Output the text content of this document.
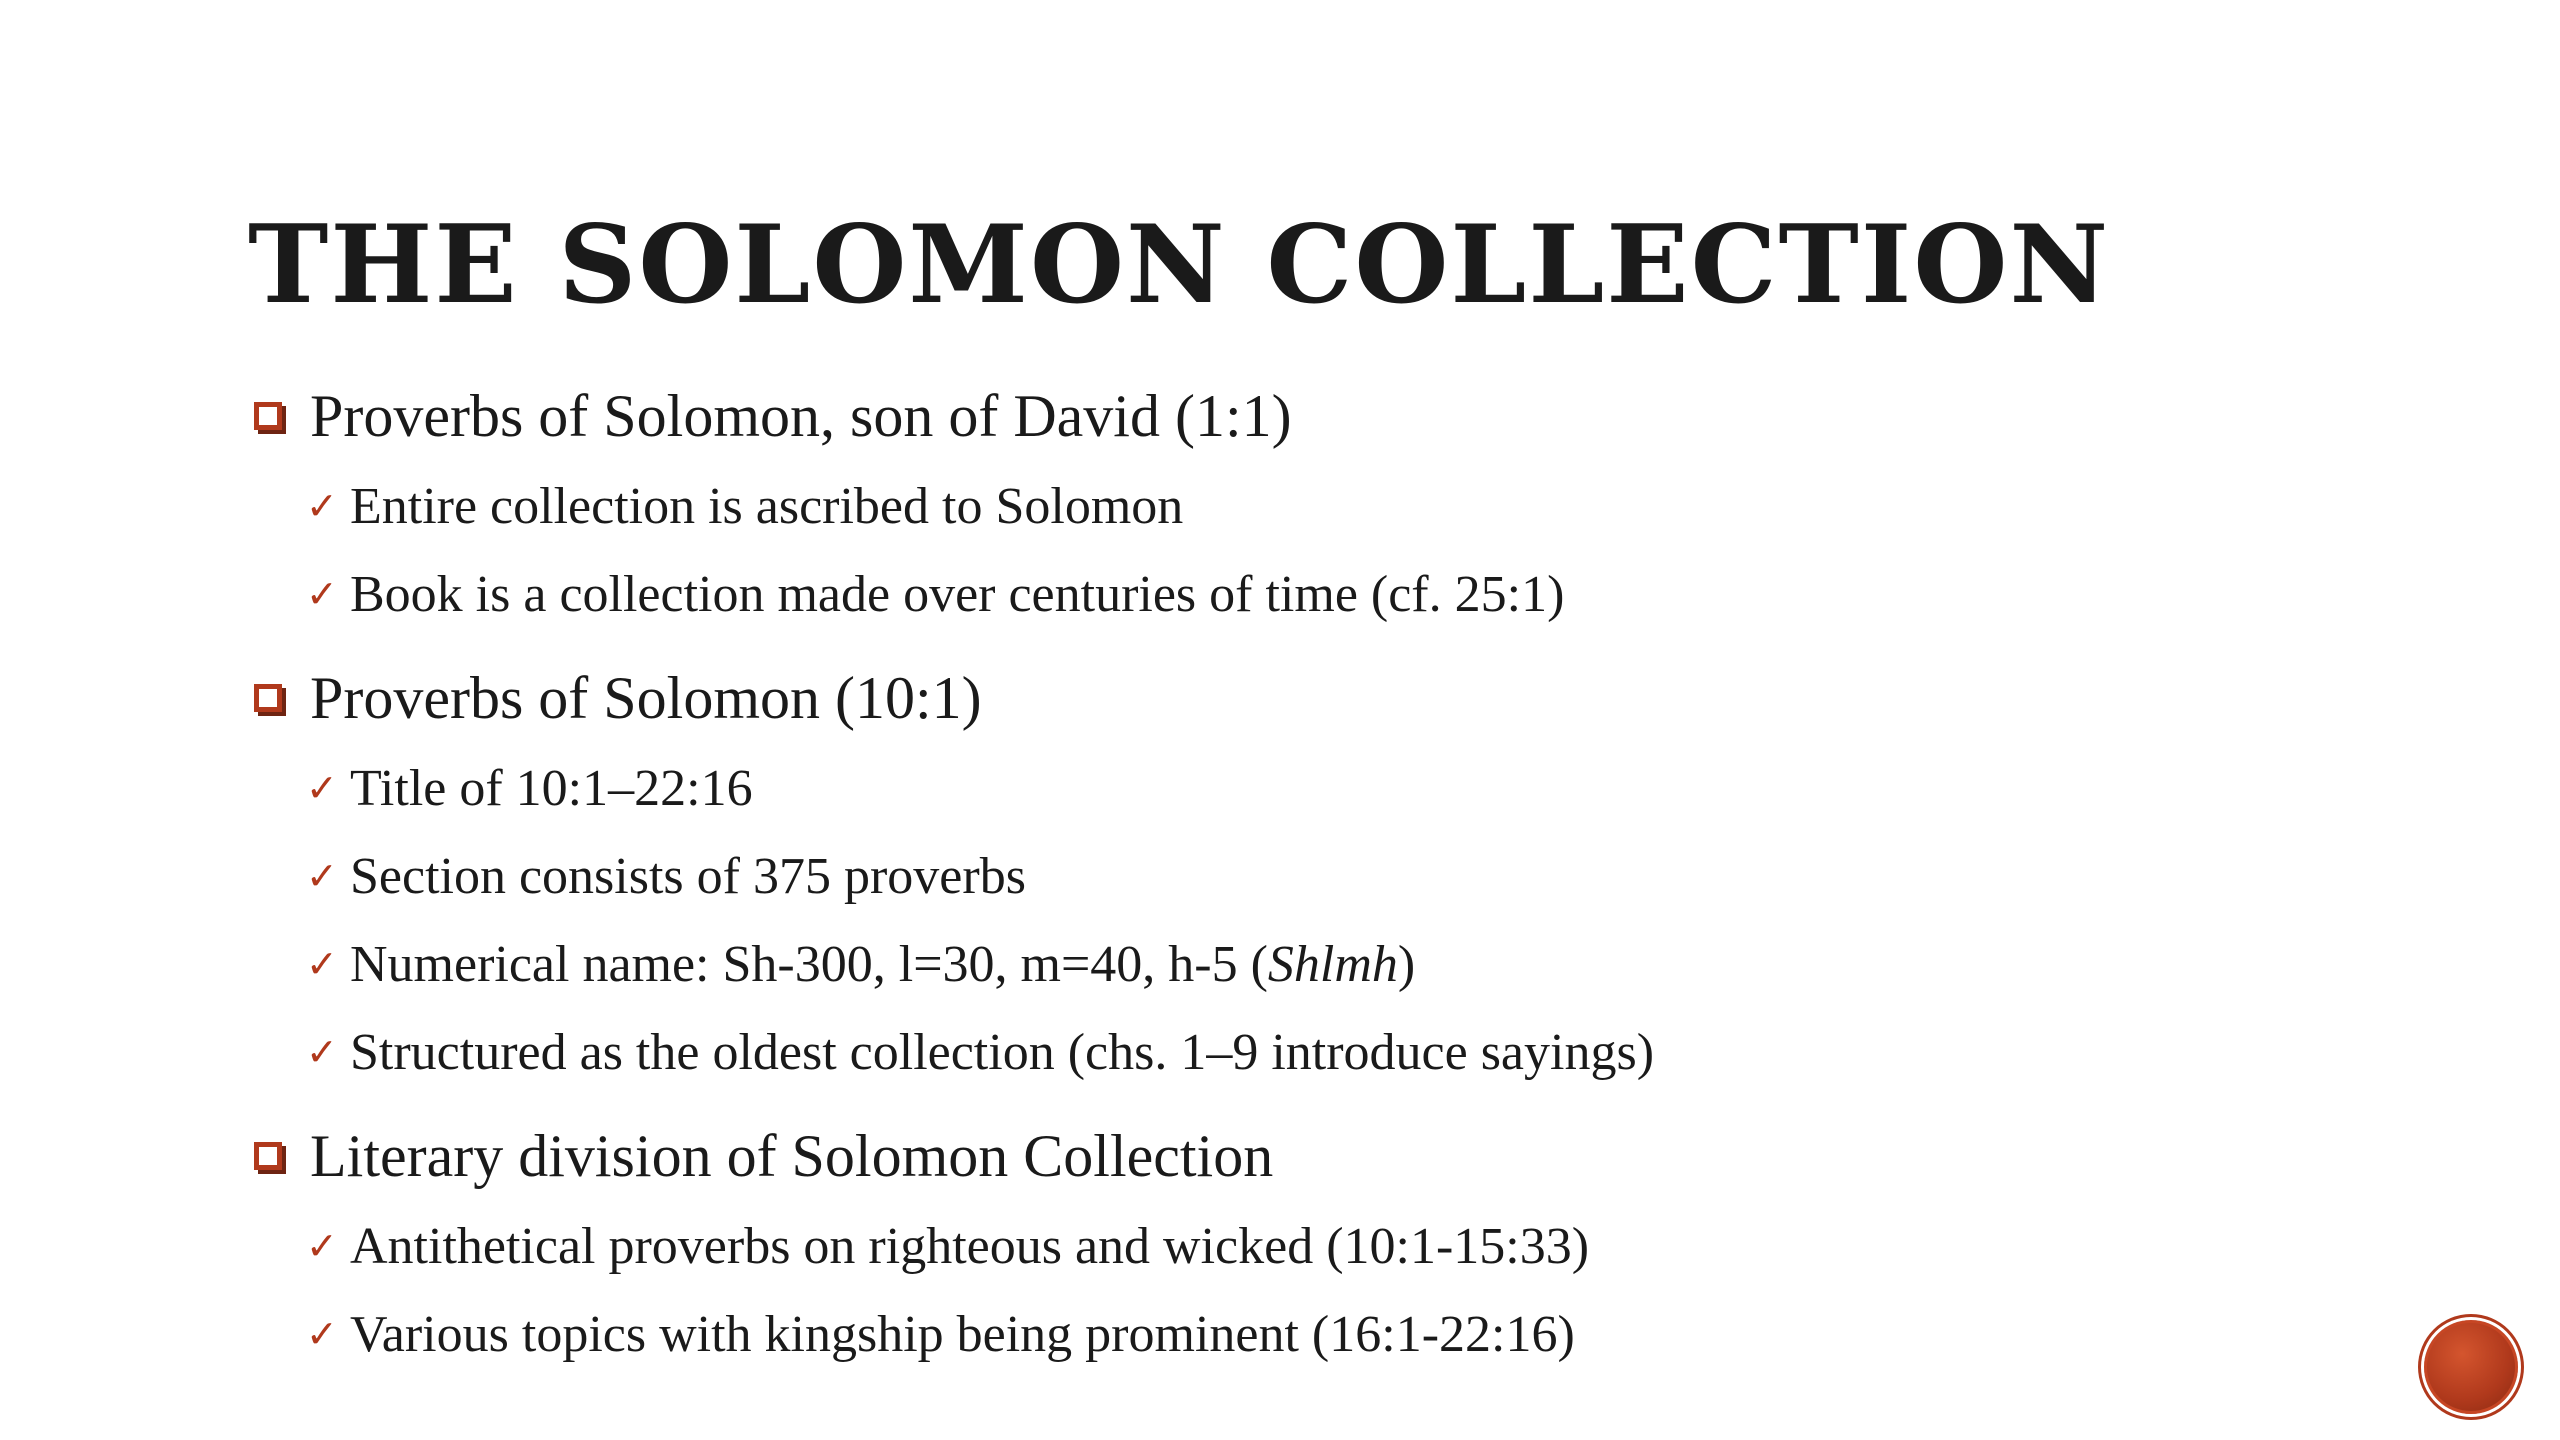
THE SOLOMON COLLECTION
Proverbs of Solomon, son of David (1:1)
✓ Entire collection is ascribed to Solomon
✓ Book is a collection made over centuries of time (cf. 25:1)
Proverbs of Solomon (10:1)
✓ Title of 10:1–22:16
✓ Section consists of 375 proverbs
✓ Numerical name: Sh-300, l=30, m=40, h-5 (Shlmh)
✓ Structured as the oldest collection (chs. 1–9 introduce sayings)
Literary division of Solomon Collection
✓ Antithetical proverbs on righteous and wicked (10:1-15:33)
✓ Various topics with kingship being prominent (16:1-22:16)
